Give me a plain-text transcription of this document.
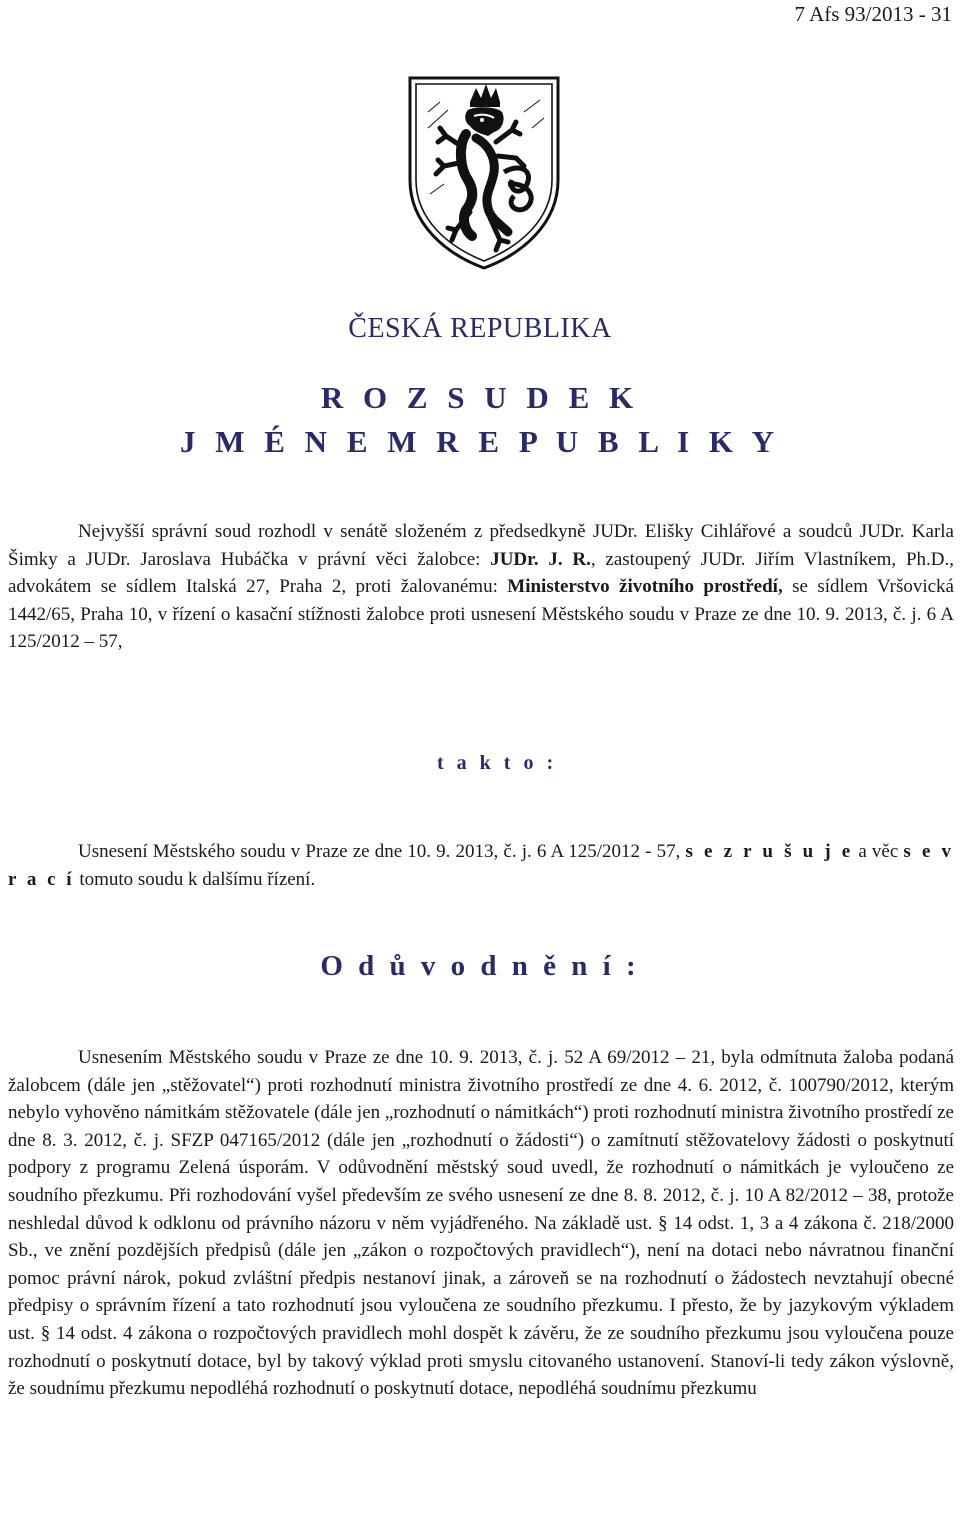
7 Afs 93/2013 - 31
ČESKÁ REPUBLIKA
R O Z S U D E K
J M É N E M R E P U B L I K Y

Nejvyšší správní soud rozhodl v senátě složeném z předsedkyně JUDr. Elišky Cihlářové a soudců JUDr. Karla Šimky a JUDr. Jaroslava Hubáčka v právní věci žalobce: JUDr. J. R., zastoupený JUDr. Jiřím Vlastníkem, Ph.D., advokátem se sídlem Italská 27, Praha 2, proti žalovanému: Ministerstvo životního prostředí, se sídlem Vršovická 1442/65, Praha 10, v řízení o kasační stížnosti žalobce proti usnesení Městského soudu v Praze ze dne 10. 9. 2013, č. j. 6 A 125/2012 – 57,

t a k t o :

Usnesení Městského soudu v Praze ze dne 10. 9. 2013, č. j. 6 A 125/2012 - 57, s e z r u š u j e a věc s e v r a c í tomuto soudu k dalšímu řízení.

O d ů v o d n ě n í :

Usnesením Městského soudu v Praze ze dne 10. 9. 2013, č. j. 52 A 69/2012 – 21, byla odmítnuta žaloba podaná žalobcem (dále jen „stěžovatel“) proti rozhodnutí ministra životního prostředí ze dne 4. 6. 2012, č. 100790/2012, kterým nebylo vyhověno námitkám stěžovatele (dále jen „rozhodnutí o námitkách“) proti rozhodnutí ministra životního prostředí ze dne 8. 3. 2012, č. j. SFZP 047165/2012 (dále jen „rozhodnutí o žádosti“) o zamítnutí stěžovatelovy žádosti o poskytnutí podpory z programu Zelená úsporám. V odůvodnění městský soud uvedl, že rozhodnutí o námitkách je vyloučeno ze soudního přezkumu. Při rozhodování vyšel především ze svého usnesení ze dne 8. 8. 2012, č. j. 10 A 82/2012 – 38, protože neshledal důvod k odklonu od právního názoru v něm vyjádřeného. Na základě ust. § 14 odst. 1, 3 a 4 zákona č. 218/2000 Sb., ve znění pozdějších předpisů (dále jen „zákon o rozpočtových pravidlech“), není na dotaci nebo návratnou finanční pomoc právní nárok, pokud zvláštní předpis nestanoví jinak, a zároveň se na rozhodnutí o žádostech nevztahují obecné předpisy o správním řízení a tato rozhodnutí jsou vyloučena ze soudního přezkumu. I přesto, že by jazykovým výkladem ust. § 14 odst. 4 zákona o rozpočtových pravidlech mohl dospět k závěru, že ze soudního přezkumu jsou vyloučena pouze rozhodnutí o poskytnutí dotace, byl by takový výklad proti smyslu citovaného ustanovení. Stanoví-li tedy zákon výslovně, že soudnímu přezkumu nepodléhá rozhodnutí o poskytnutí dotace, nepodléhá soudnímu přezkumu
